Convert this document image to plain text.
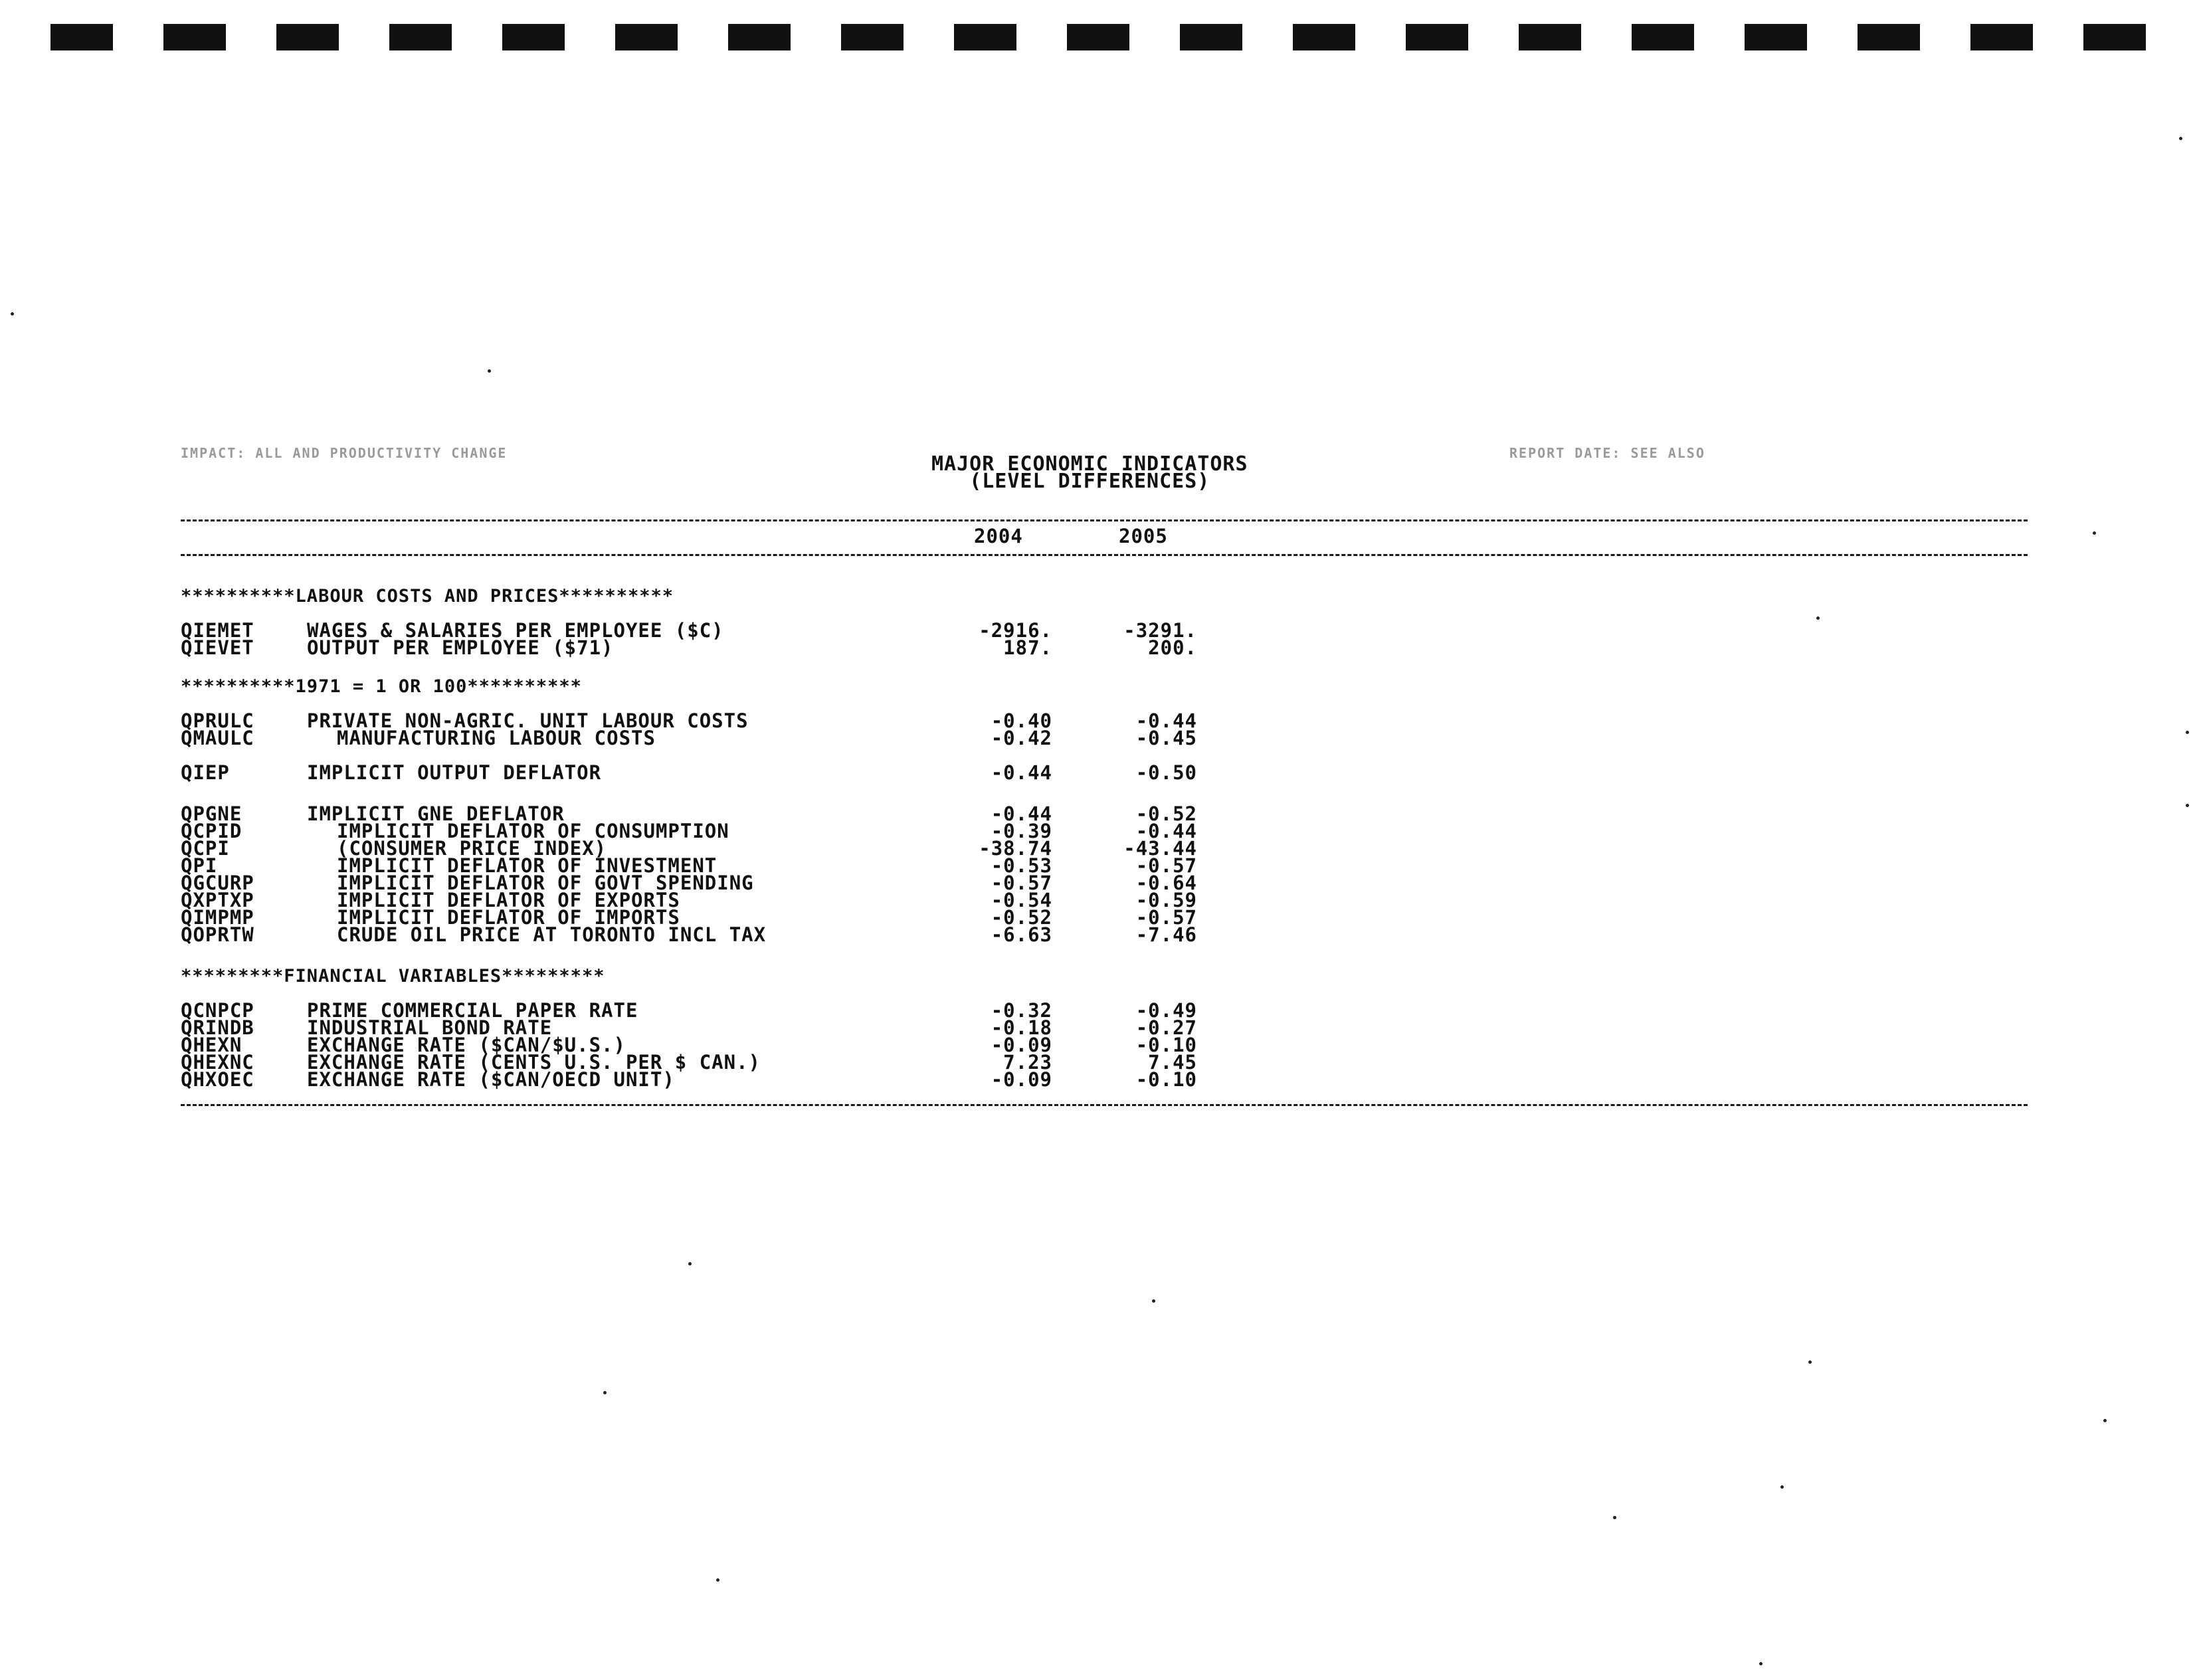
IMPACT: ALL AND PRODUCTIVITY CHANGE	REPORT DATE: SEE ALSO
MAJOR ECONOMIC INDICATORS
(LEVEL DIFFERENCES)
2004	2005
**********LABOUR COSTS AND PRICES**********
QIEMET	WAGES & SALARIES PER EMPLOYEE ($C)	-2916.	-3291.
QIEVET	OUTPUT PER EMPLOYEE ($71)	187.	200.
**********1971 = 1 OR 100**********
QPRULC	PRIVATE NON-AGRIC. UNIT LABOUR COSTS	-0.40	-0.44
QMAULC	MANUFACTURING LABOUR COSTS	-0.42	-0.45
QIEP	IMPLICIT OUTPUT DEFLATOR	-0.44	-0.50
QPGNE	IMPLICIT GNE DEFLATOR	-0.44	-0.52
QCPID	IMPLICIT DEFLATOR OF CONSUMPTION	-0.39	-0.44
QCPI	(CONSUMER PRICE INDEX)	-38.74	-43.44
QPI	IMPLICIT DEFLATOR OF INVESTMENT	-0.53	-0.57
QGCURP	IMPLICIT DEFLATOR OF GOVT SPENDING	-0.57	-0.64
QXPTXP	IMPLICIT DEFLATOR OF EXPORTS	-0.54	-0.59
QIMPMP	IMPLICIT DEFLATOR OF IMPORTS	-0.52	-0.57
QOPRTW	CRUDE OIL PRICE AT TORONTO INCL TAX	-6.63	-7.46
*********FINANCIAL VARIABLES*********
QCNPCP	PRIME COMMERCIAL PAPER RATE	-0.32	-0.49
QRINDB	INDUSTRIAL BOND RATE	-0.18	-0.27
QHEXN	EXCHANGE RATE ($CAN/$U.S.)	-0.09	-0.10
QHEXNC	EXCHANGE RATE (CENTS U.S. PER $ CAN.)	7.23	7.45
QHXOEC	EXCHANGE RATE ($CAN/OECD UNIT)	-0.09	-0.10
